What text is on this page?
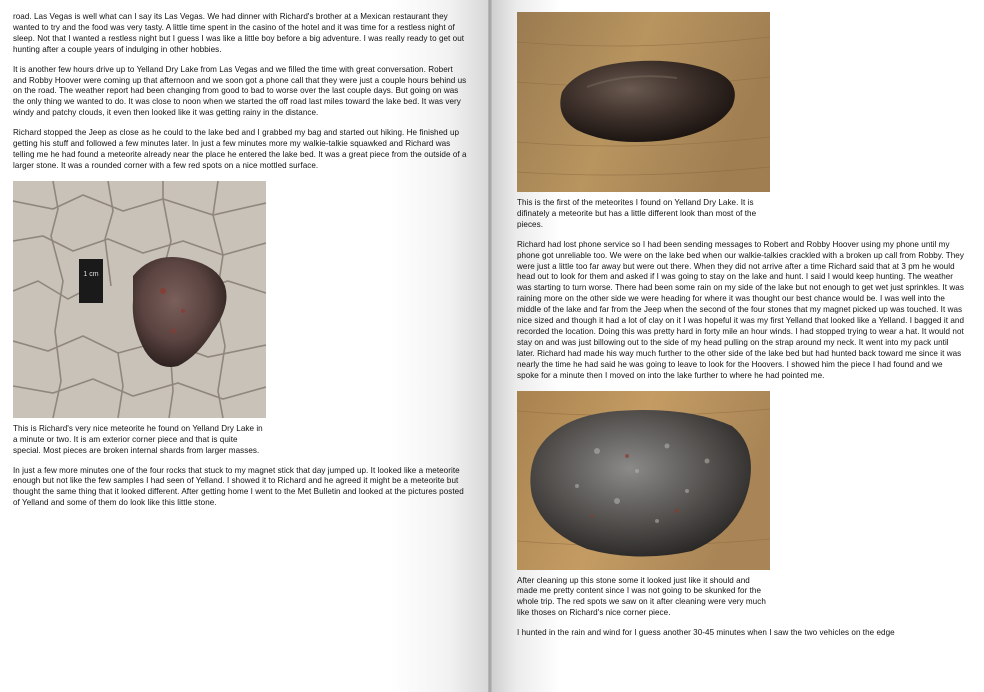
road. Las Vegas is well what can I say its Las Vegas. We had dinner with Richard's brother at a Mexican restaurant they wanted to try and the food was very tasty. A little time spent in the casino of the hotel and it was time for a restless night of sleep. Not that I wanted a restless night but I guess I was like a little boy before a big adventure. I was really ready to get out hunting after a couple years of indulging in other hobbies.

It is another few hours drive up to Yelland Dry Lake from Las Vegas and we filled the time with great conversation. Robert and Robby Hoover were coming up that afternoon and we soon got a phone call that they were just a couple hours behind us on the road. The weather report had been changing from good to bad to worse over the last couple days. But going on was the only thing we wanted to do. It was close to noon when we started the off road last miles toward the lake bed. It was very windy and patchy clouds, it even then looked like it was getting rainy in the distance.

Richard stopped the Jeep as close as he could to the lake bed and I grabbed my bag and started out hiking. He finished up getting his stuff and followed a few minutes later. In just a few minutes more my walkie-talkie squawked and Richard was telling me he had found a meteorite already near the place he entered the lake bed. It was a great piece from the outside of a larger stone. It was a rounded corner with a few red spots on a nice mottled surface.

1 cm

This is Richard's very nice meteorite he found on Yelland Dry Lake in a minute or two. It is am exterior corner piece and that is quite special. Most pieces are broken internal shards from larger masses.

In just a few more minutes one of the four rocks that stuck to my magnet stick that day jumped up. It looked like a meteorite enough but not like the few samples I had seen of Yelland. I showed it to Richard and he agreed it might be a meteorite but thought the same thing that it looked different. After getting home I went to the Met Bulletin and looked at the pictures posted of Yelland and some of them do look like this little stone.

This is the first of the meteorites I found on Yelland Dry Lake. It is difinately a meteorite but has a little different look than most of the pieces.

Richard had lost phone service so I had been sending messages to Robert and Robby Hoover using my phone until my phone got unreliable too. We were on the lake bed when our walkie-talkies crackled with a broken up call from Robby. They were just a little too far away but were out there. When they did not arrive after a time Richard said that at 3 pm he would head out to look for them and asked if I was going to stay on the lake and hunt. I said I would keep hunting. The weather was starting to turn worse. There had been some rain on my side of the lake but not enough to get wet just sprinkles. It was raining more on the other side we were heading for where it was thought our best chance would be. I was well into the middle of the lake and far from the Jeep when the second of the four stones that my magnet picked up was touched. It was nice sized and though it had a lot of clay on it I was hopeful it was my first Yelland that looked like a Yelland. I bagged it and recorded the location. Doing this was pretty hard in forty mile an hour winds. I had stopped trying to wear a hat. It would not stay on and was just billowing out to the side of my head pulling on the strap around my neck. It went into my pack until later. Richard had made his way much further to the other side of the lake bed but had hunted back toward me since it was nearly the time he had said he was going to leave to look for the Hoovers. I showed him the piece I had found and we spoke for a minute then I moved on into the lake further to where he had pointed me.

After cleaning up this stone some it looked just like it should and made me pretty content since I was not going to be skunked for the whole trip. The red spots we saw on it after cleaning were very much like thoses on Richard's nice corner piece.

I hunted in the rain and wind for I guess another 30-45 minutes when I saw the two vehicles on the edge
